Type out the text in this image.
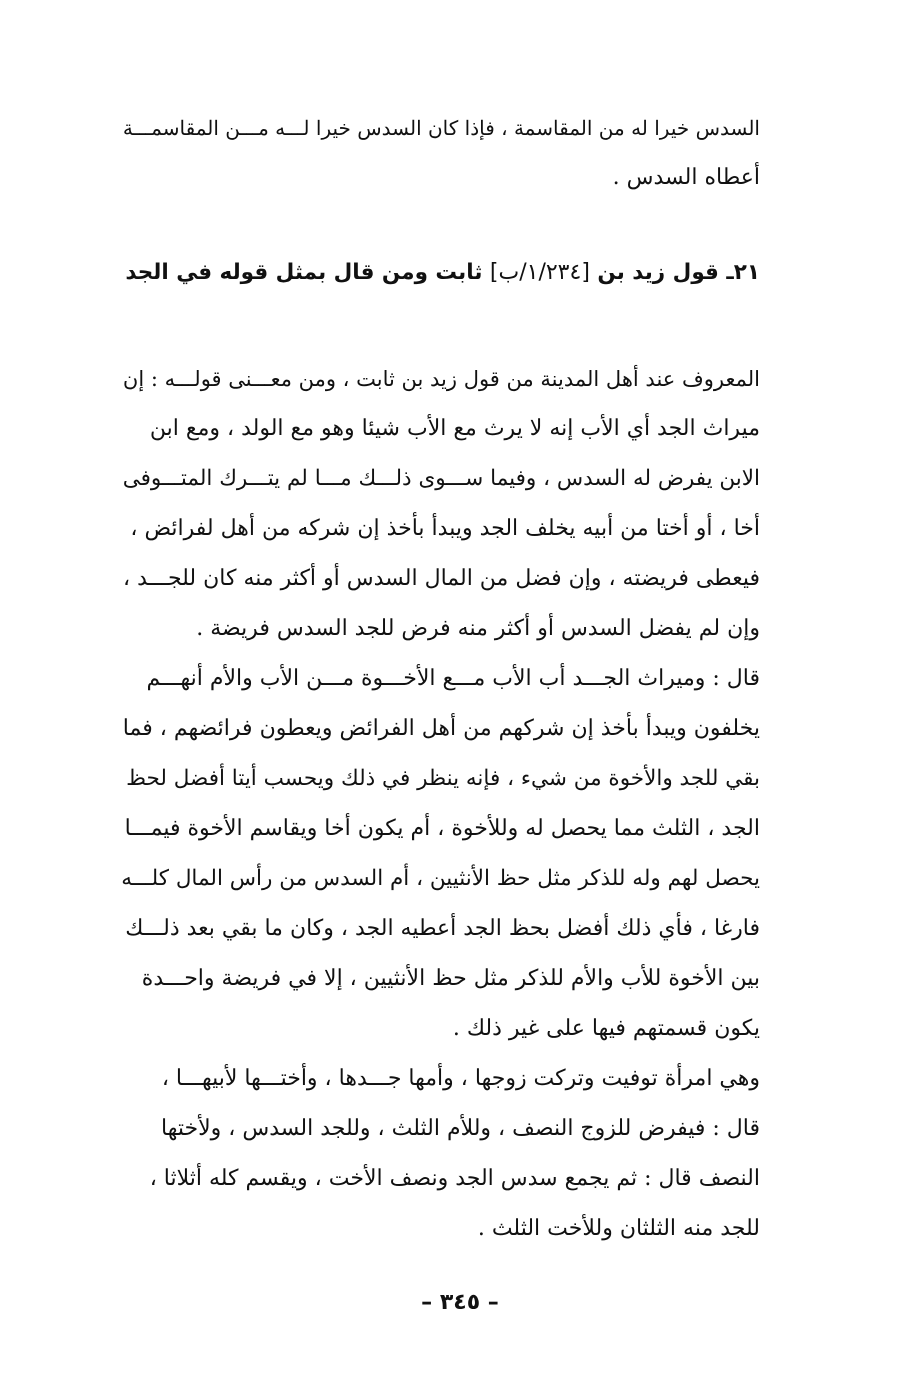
السدس خيرا له من المقاسمة ، فإذا كان السدس خيرا لـــه مـــن المقاسمـــة
أعطاه السدس .
٢١ـ قول زيد بن [١/٢٣٤/ب] ثابت ومن قال بمثل قوله في الجد
المعروف عند أهل المدينة من قول زيد بن ثابت ، ومن معـــنى قولـــه : إن
ميراث الجد أي الأب إنه لا يرث مع الأب شيئا وهو مع الولد ، ومع ابن
الابن يفرض له السدس ، وفيما ســـوى ذلـــك مـــا لم يتـــرك المتـــوفى
أخا ، أو أختا من أبيه يخلف الجد ويبدأ بأخذ إن شركه من أهل لفرائض ،
فيعطى فريضته ، وإن فضل من المال السدس أو أكثر منه كان للجـــد ،
وإن لم يفضل السدس أو أكثر منه فرض للجد السدس فريضة .
قال : وميراث الجـــد أب الأب مـــع الأخـــوة مـــن الأب والأم أنهـــم
يخلفون ويبدأ بأخذ إن شركهم من أهل الفرائض ويعطون فرائضهم ، فما
بقي للجد والأخوة من شيء ، فإنه ينظر في ذلك ويحسب أيتا أفضل لحظ
الجد ، الثلث مما يحصل له وللأخوة ، أم يكون أخا ويقاسم الأخوة فيمـــا
يحصل لهم وله للذكر مثل حظ الأنثيين ، أم السدس من رأس المال كلـــه
فارغا ، فأي ذلك أفضل بحظ الجد أعطيه الجد ، وكان ما بقي بعد ذلـــك
بين الأخوة للأب والأم للذكر مثل حظ الأنثيين ، إلا في فريضة واحـــدة
يكون قسمتهم فيها على غير ذلك .
وهي امرأة توفيت وتركت زوجها ، وأمها جـــدها ، وأختـــها لأبيهـــا ،
قال : فيفرض للزوج النصف ، وللأم الثلث ، وللجد السدس ، ولأختها
النصف قال : ثم يجمع سدس الجد ونصف الأخت ، ويقسم كله أثلاثا ،
للجد منه الثلثان وللأخت الثلث .
– ٣٤٥ –
